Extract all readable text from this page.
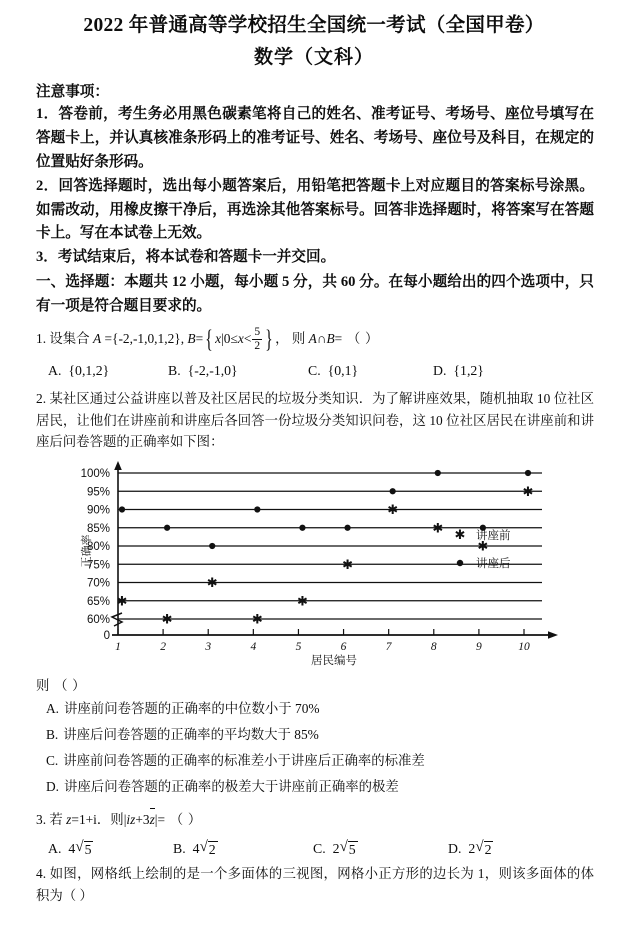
2022 年普通高等学校招生全国统一考试（全国甲卷）
数学（文科）
注意事项：
1．答卷前，考生务必用黑色碳素笔将自己的姓名、准考证号、考场号、座位号填写在答题卡上，并认真核准条形码上的准考证号、姓名、考场号、座位号及科目，在规定的位置贴好条形码。
2．回答选择题时，选出每小题答案后，用铅笔把答题卡上对应题目的答案标号涂黑。如需改动，用橡皮擦干净后，再选涂其他答案标号。回答非选择题时，将答案写在答题卡上。写在本试卷上无效。
3．考试结束后，将本试卷和答题卡一并交回。
一、选择题：本题共 12 小题，每小题 5 分，共 60 分。在每小题给出的四个选项中，只有一项是符合题目要求的。
1. 设集合 A ={-2,-1,0,1,2}, B={ $x|0\le x< \frac{5}{2}$ } ， 则 A∩B=（）
A. {0,1,2}	B. {-2,-1,0}	C. {0,1}	D. {1,2}
2. 某社区通过公益讲座以普及社区居民的垃圾分类知识．为了解讲座效果，随机抽取 10 位社区居民，让他们在讲座前和讲座后各回答一份垃圾分类知识问卷，这 10 位社区居民在讲座前和讲座后问卷答题的正确率如下图：
0
60%
65%
70%
75%
80%
85%
90%
95%
100%
1	2	3	4	5	6	7	8	9	10
✱
✱
✱
✱
✱
✱
✱
✱
✱
✱
正确率
居民编号
✱ 讲座前
讲座后
则（）
A. 讲座前问卷答题的正确率的中位数小于 70%
B. 讲座后问卷答题的正确率的平均数大于 85%
C. 讲座前问卷答题的正确率的标准差小于讲座后正确率的标准差
D. 讲座后问卷答题的正确率的极差大于讲座前正确率的极差
3. 若 z=1+i．则|iz+3z|=（）
A. 4 √ 5	B. 4 √ 2	C. 2 √ 5	D. 2 √ 2
4. 如图，网格纸上绘制的是一个多面体的三视图，网格小正方形的边长为 1，则该多面体的体积为（ ）
